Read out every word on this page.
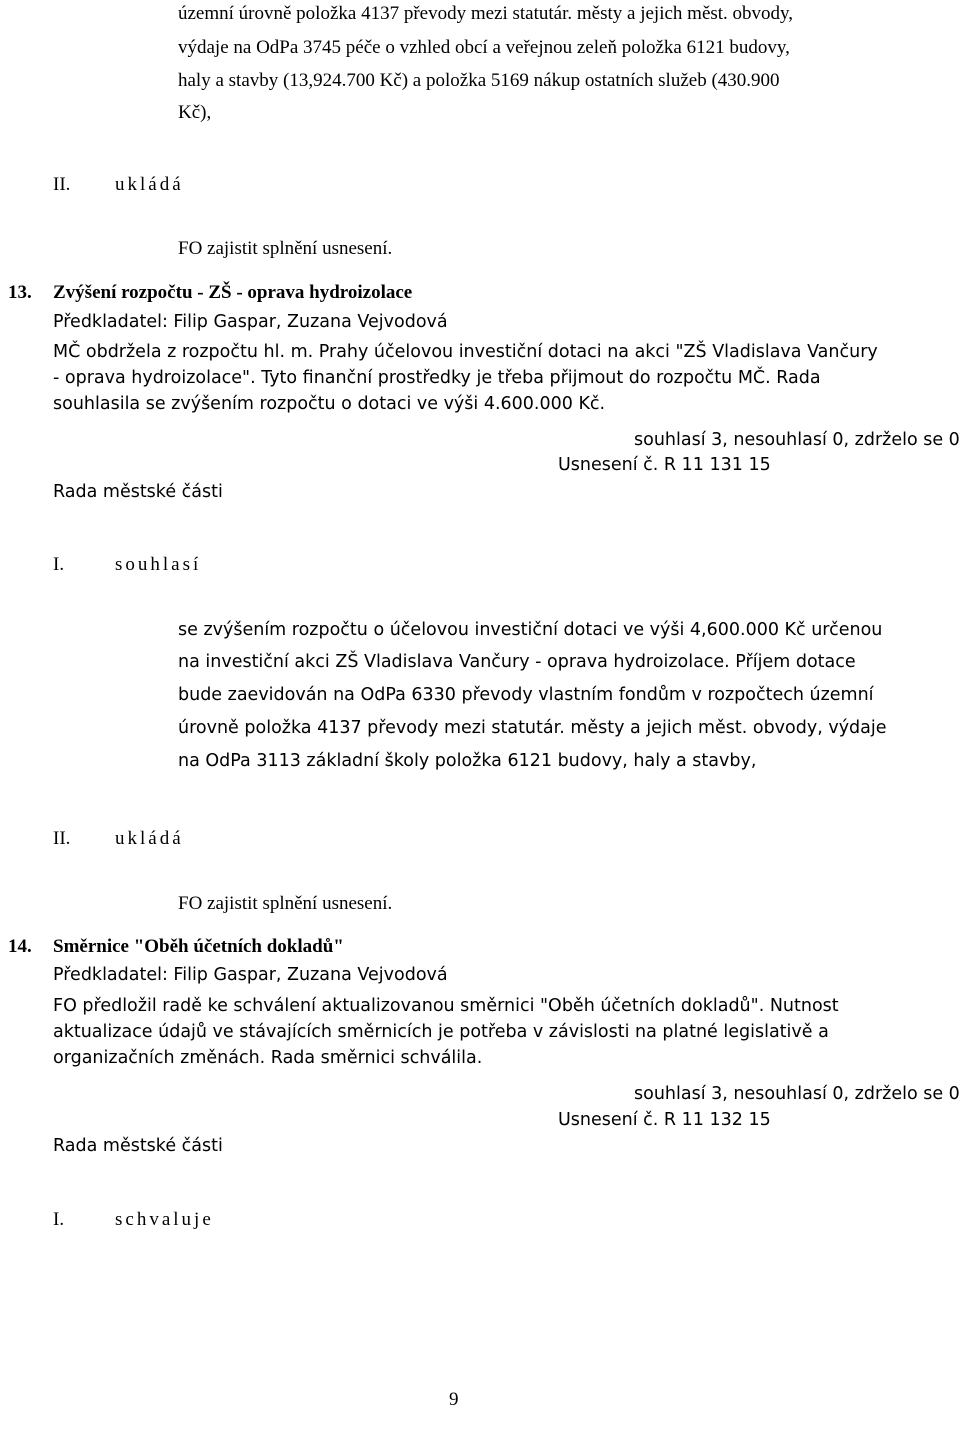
územní úrovně položka 4137 převody mezi statutár. městy a jejich měst. obvody,
výdaje na OdPa 3745 péče o vzhled obcí a veřejnou zeleň položka 6121 budovy,
haly a stavby (13,924.700 Kč) a položka 5169 nákup ostatních služeb (430.900
Kč),
II. ukládá
FO zajistit splnění usnesení.
13. Zvýšení rozpočtu - ZŠ - oprava hydroizolace
Předkladatel: Filip Gaspar, Zuzana Vejvodová
MČ obdržela z rozpočtu hl. m. Prahy účelovou investiční dotaci na akci "ZŠ Vladislava Vančury
- oprava hydroizolace". Tyto finanční prostředky je třeba přijmout do rozpočtu MČ. Rada
souhlasila se zvýšením rozpočtu o dotaci ve výši 4.600.000 Kč.
souhlasí 3, nesouhlasí 0, zdrželo se 0
Usnesení č. R 11 131 15
Rada městské části
I.	souhlasí
se zvýšením rozpočtu o účelovou investiční dotaci ve výši 4,600.000 Kč určenou
na investiční akci ZŠ Vladislava Vančury - oprava hydroizolace. Příjem dotace
bude zaevidován na OdPa 6330 převody vlastním fondům v rozpočtech územní
úrovně položka 4137 převody mezi statutár. městy a jejich měst. obvody, výdaje
na OdPa 3113 základní školy položka 6121 budovy, haly a stavby,
II. ukládá
FO zajistit splnění usnesení.
14. Směrnice "Oběh účetních dokladů"
Předkladatel: Filip Gaspar, Zuzana Vejvodová
FO předložil radě ke schválení aktualizovanou směrnici "Oběh účetních dokladů". Nutnost
aktualizace údajů ve stávajících směrnicích je potřeba v závislosti na platné legislativě a
organizačních změnách. Rada směrnici schválila.
souhlasí 3, nesouhlasí 0, zdrželo se 0
Usnesení č. R 11 132 15
Rada městské části
I.	schvaluje
9
